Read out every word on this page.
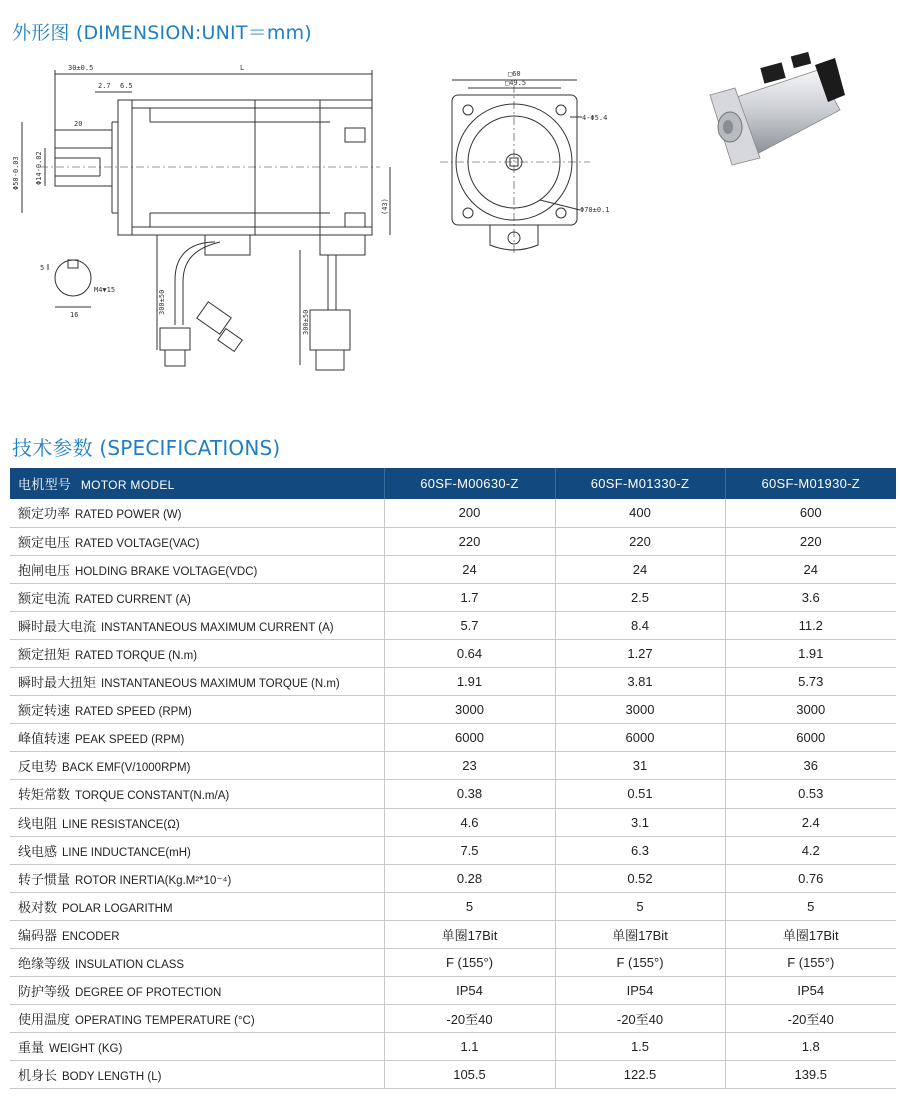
外形图 (DIMENSION:UNIT＝mm)
30±0.5	L
2.7 6.5
20
Φ50-0.03 Φ14-0.02
(43)
300±50
300±50
5
16
M4▼15
□60
□49.5
4-Φ5.4
Φ70±0.1
技术参数 (SPECIFICATIONS)
电机型号 MOTOR MODEL	60SF-M00630-Z	60SF-M01330-Z	60SF-M01930-Z
额定功率 RATED POWER (W)	200	400	600
额定电压 RATED VOLTAGE(VAC)	220	220	220
抱闸电压 HOLDING BRAKE VOLTAGE(VDC)	24	24	24
额定电流 RATED CURRENT (A)	1.7	2.5	3.6
瞬时最大电流 INSTANTANEOUS MAXIMUM CURRENT (A)	5.7	8.4	11.2
额定扭矩 RATED TORQUE (N.m)	0.64	1.27	1.91
瞬时最大扭矩 INSTANTANEOUS MAXIMUM TORQUE (N.m)	1.91	3.81	5.73
额定转速 RATED SPEED (RPM)	3000	3000	3000
峰值转速 PEAK SPEED (RPM)	6000	6000	6000
反电势 BACK EMF(V/1000RPM)	23	31	36
转矩常数 TORQUE CONSTANT(N.m/A)	0.38	0.51	0.53
线电阻 LINE RESISTANCE(Ω)	4.6	3.1	2.4
线电感 LINE INDUCTANCE(mH)	7.5	6.3	4.2
转子惯量 ROTOR INERTIA(Kg.M²*10⁻⁴)	0.28	0.52	0.76
极对数 POLAR LOGARITHM	5	5	5
编码器 ENCODER	单圈17Bit	单圈17Bit	单圈17Bit
绝缘等级 INSULATION CLASS	F (155°)	F (155°)	F (155°)
防护等级 DEGREE OF PROTECTION	IP54	IP54	IP54
使用温度 OPERATING TEMPERATURE (°C)	-20至40	-20至40	-20至40
重量 WEIGHT (KG)	1.1	1.5	1.8
机身长 BODY LENGTH (L)	105.5	122.5	139.5
